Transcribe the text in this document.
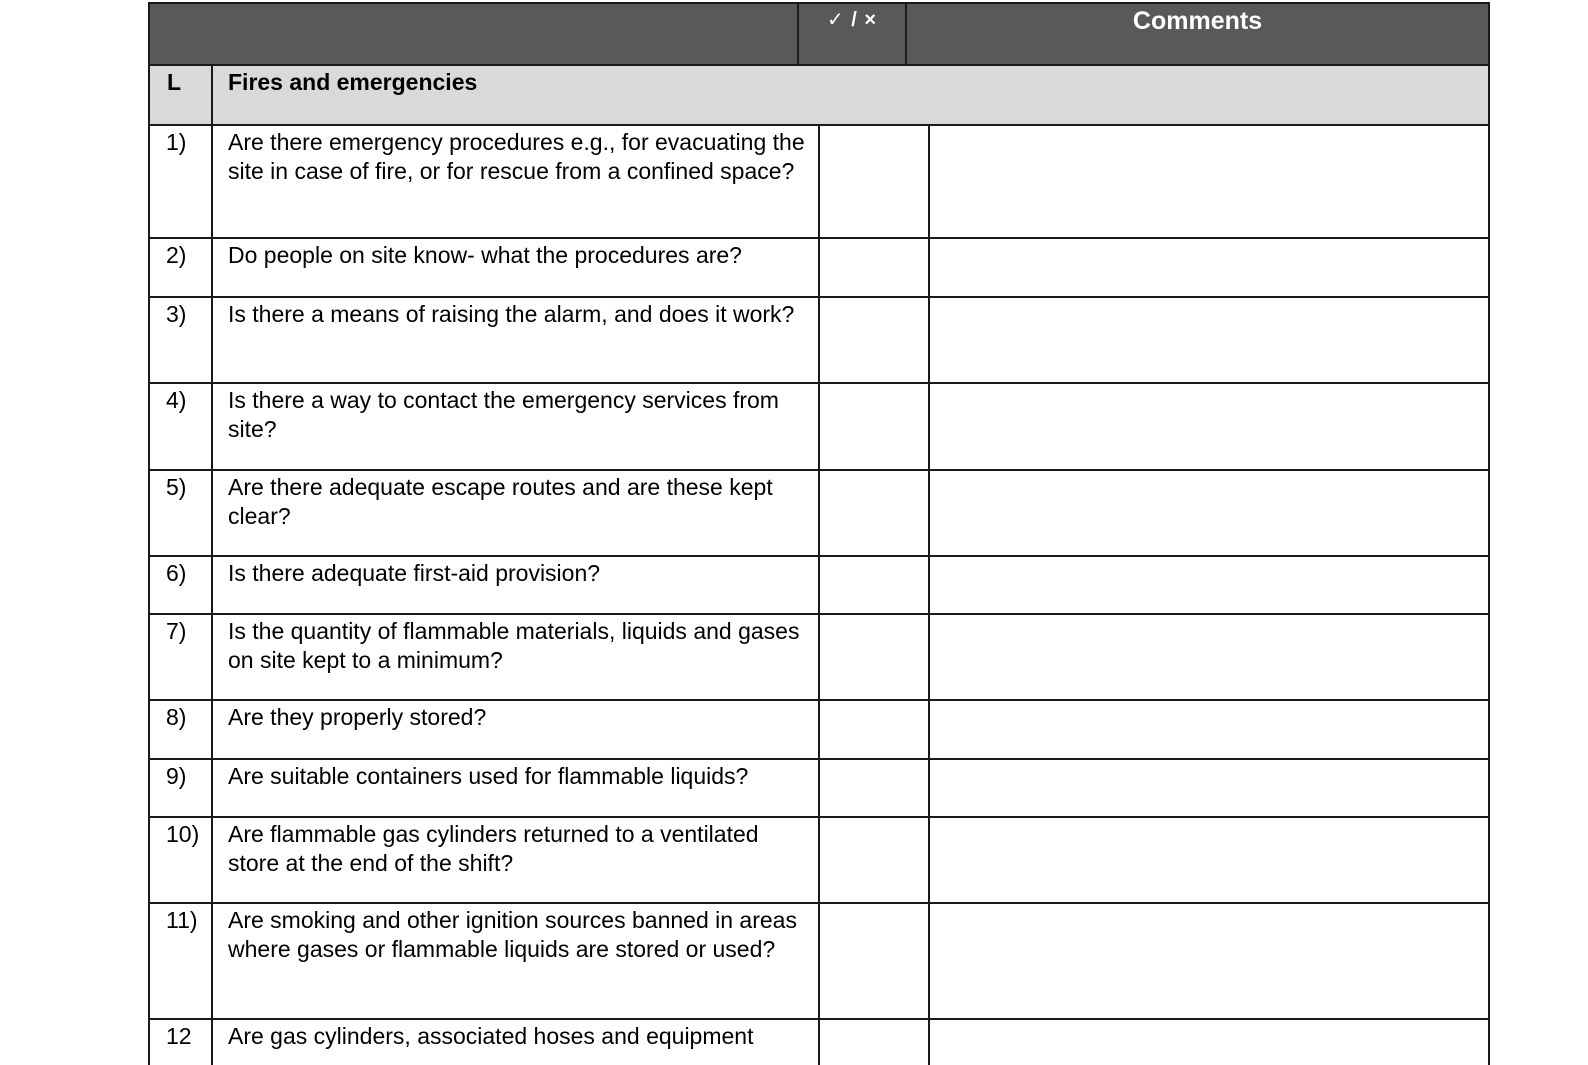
✓ / ×	Comments
L Fires and emergencies
1)	Are there emergency procedures e.g., for evacuating the site in case of fire, or for rescue from a confined space?
2)	Do people on site know- what the procedures are?
3)	Is there a means of raising the alarm, and does it work?
4)	Is there a way to contact the emergency services from site?
5)	Are there adequate escape routes and are these kept clear?
6)	Is there adequate first-aid provision?
7)	Is the quantity of flammable materials, liquids and gases on site kept to a minimum?
8)	Are they properly stored?
9)	Are suitable containers used for flammable liquids?
10)	Are flammable gas cylinders returned to a ventilated store at the end of the shift?
11)	Are smoking and other ignition sources banned in areas where gases or flammable liquids are stored or used?
12	Are gas cylinders, associated hoses and equipment
